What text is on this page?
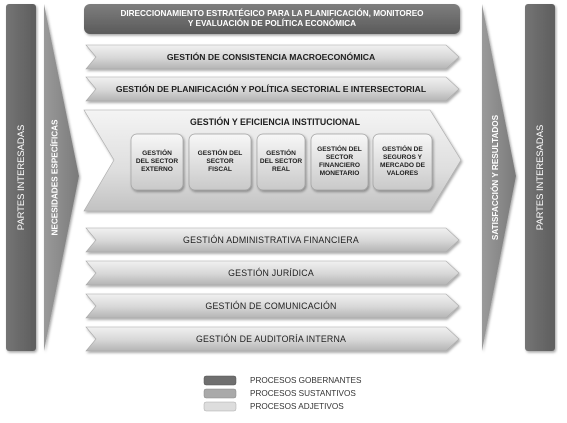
DIRECCIONAMIENTO ESTRATÉGICO PARA LA PLANIFICACIÓN, MONITOREO
Y EVALUACIÓN DE POLÍTICA ECONÓMICA
PARTES INTERESADAS	NECESIDADES ESPECÍFICAS	SATISFACCIÓN Y RESULTADOS	PARTES INTERESADAS
GESTIÓN DE CONSISTENCIA MACROECONÓMICA
GESTIÓN DE PLANIFICACIÓN Y POLÍTICA SECTORIAL E INTERSECTORIAL
GESTIÓN Y EFICIENCIA INSTITUCIONAL
GESTIÓN
DEL SECTOR
EXTERNO
GESTIÓN DEL
SECTOR
FISCAL
GESTIÓN
DEL SECTOR
REAL
GESTIÓN DEL
SECTOR
FINANCIERO
MONETARIO
GESTIÓN DE
SEGUROS Y
MERCADO DE
VALORES
GESTIÓN ADMINISTRATIVA FINANCIERA
GESTIÓN JURÍDICA
GESTIÓN DE COMUNICACIÓN
GESTIÓN DE AUDITORÍA INTERNA
PROCESOS GOBERNANTES
PROCESOS SUSTANTIVOS
PROCESOS ADJETIVOS
